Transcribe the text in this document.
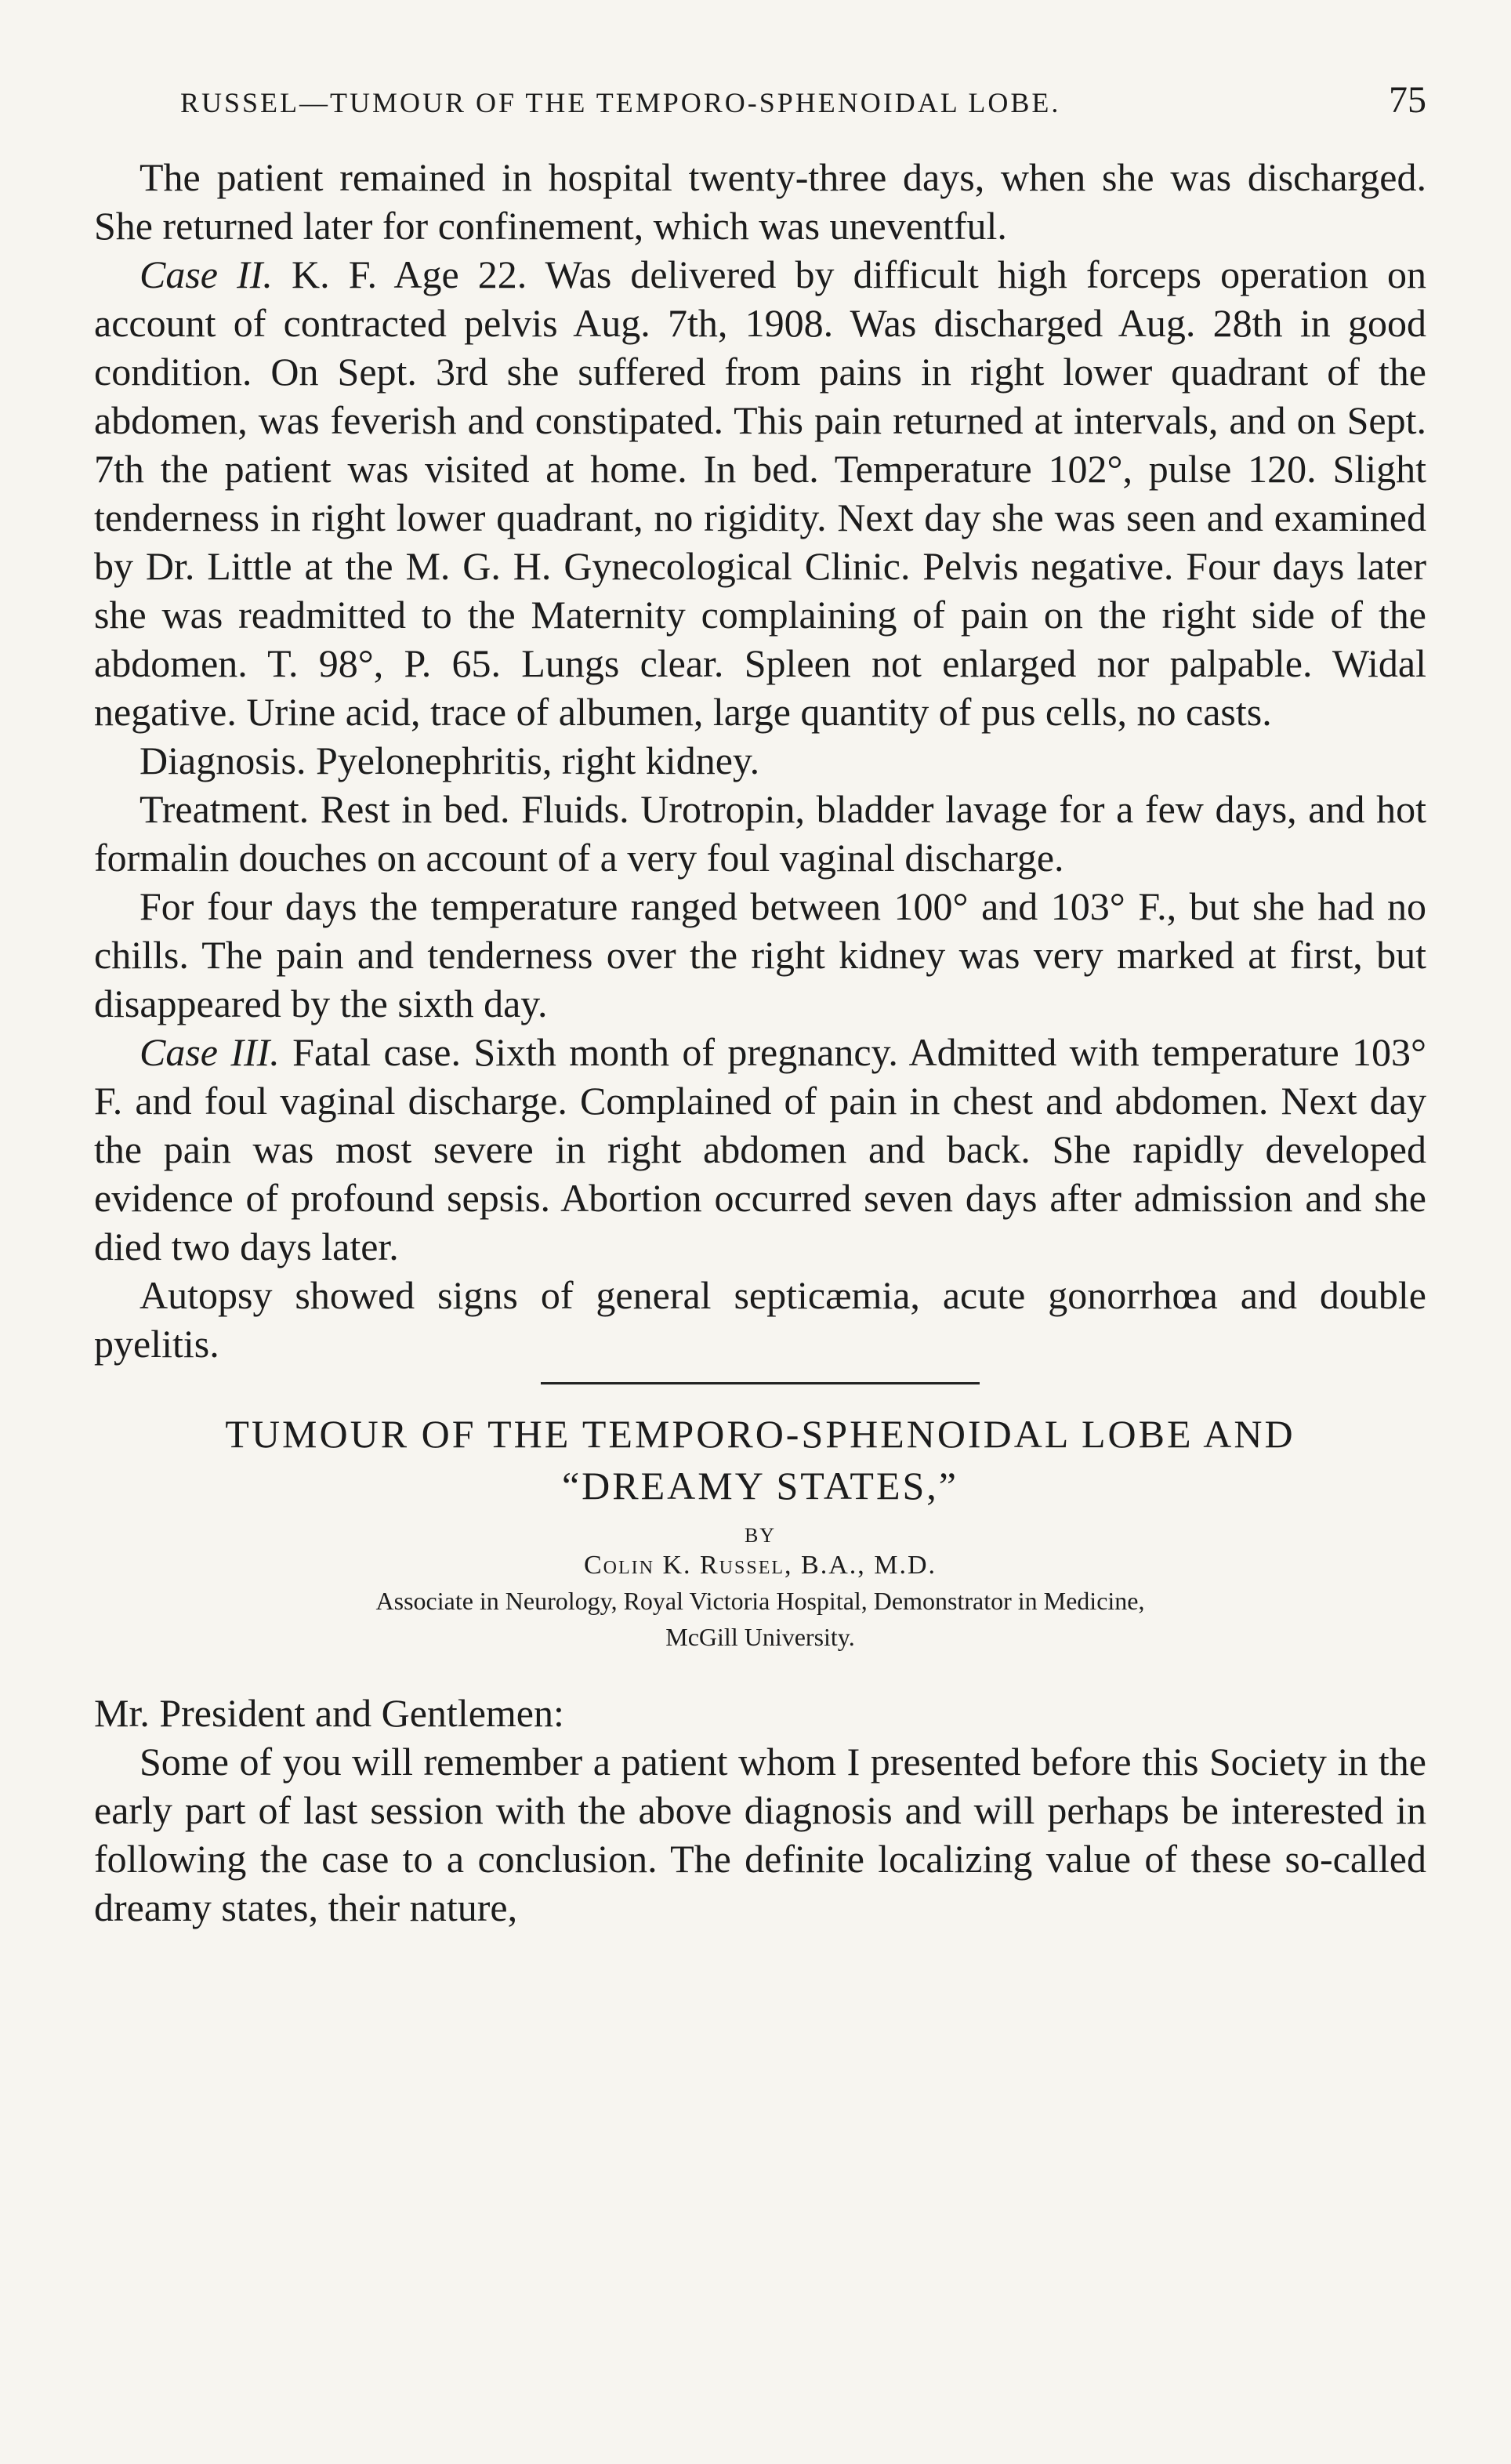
RUSSEL—TUMOUR OF THE TEMPORO-SPHENOIDAL LOBE.	75

The patient remained in hospital twenty-three days, when she was discharged. She returned later for confinement, which was uneventful.

Case II. K. F. Age 22. Was delivered by difficult high forceps operation on account of contracted pelvis Aug. 7th, 1908. Was discharged Aug. 28th in good condition. On Sept. 3rd she suffered from pains in right lower quadrant of the abdomen, was feverish and constipated. This pain returned at intervals, and on Sept. 7th the patient was visited at home. In bed. Temperature 102°, pulse 120. Slight tenderness in right lower quadrant, no rigidity. Next day she was seen and examined by Dr. Little at the M. G. H. Gynecological Clinic. Pelvis negative. Four days later she was readmitted to the Maternity complaining of pain on the right side of the abdomen. T. 98°, P. 65. Lungs clear. Spleen not enlarged nor palpable. Widal negative. Urine acid, trace of albumen, large quantity of pus cells, no casts.

Diagnosis. Pyelonephritis, right kidney.

Treatment. Rest in bed. Fluids. Urotropin, bladder lavage for a few days, and hot formalin douches on account of a very foul vaginal discharge.

For four days the temperature ranged between 100° and 103° F., but she had no chills. The pain and tenderness over the right kidney was very marked at first, but disappeared by the sixth day.

Case III. Fatal case. Sixth month of pregnancy. Admitted with temperature 103° F. and foul vaginal discharge. Complained of pain in chest and abdomen. Next day the pain was most severe in right abdomen and back. She rapidly developed evidence of profound sepsis. Abortion occurred seven days after admission and she died two days later.

Autopsy showed signs of general septicæmia, acute gonorrhœa and double pyelitis.

TUMOUR OF THE TEMPORO-SPHENOIDAL LOBE AND

“DREAMY STATES,”

BY
Colin K. Russel, B.A., M.D.
Associate in Neurology, Royal Victoria Hospital, Demonstrator in Medicine,
McGill University.
Mr. President and Gentlemen:

Some of you will remember a patient whom I presented before this Society in the early part of last session with the above diagnosis and will perhaps be interested in following the case to a conclusion. The definite localizing value of these so-called dreamy states, their nature,
